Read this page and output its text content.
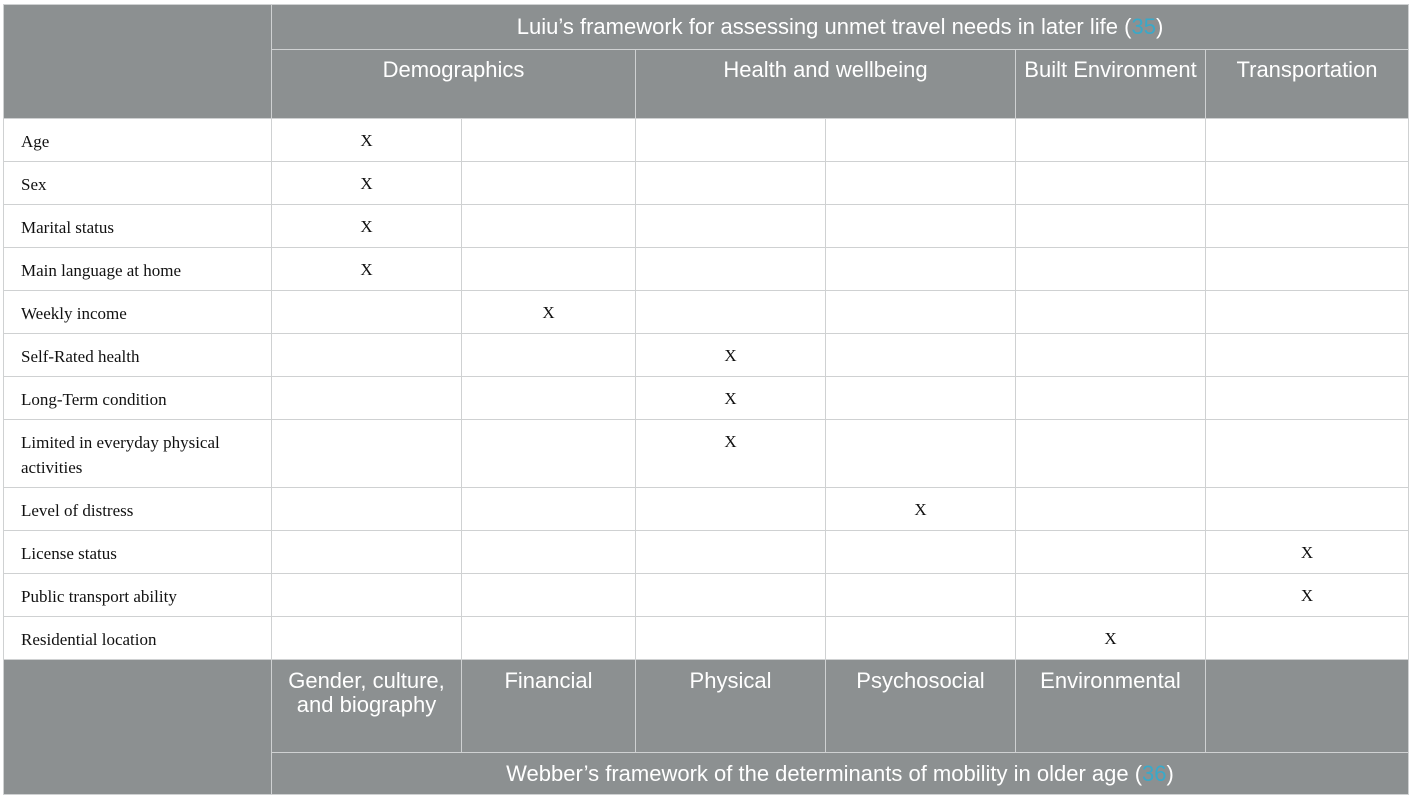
	Luiu’s framework for assessing unmet travel needs in later life (35)					
	Demographics		Health and wellbeing		Built Environment	Transportation

Age	X					

Sex	X					

Marital status	X					

Main language at home	X					

Weekly income		X				

Self-Rated health			X			

Long-Term condition			X			

Limited in everyday physical activities			X			

Level of distress				X		

License status						X

Public transport ability						X

Residential location					X	

	Gender, culture, and biography	Financial	Physical	Psychosocial	Environmental	

	Webber’s framework of the determinants of mobility in older age (36)					
